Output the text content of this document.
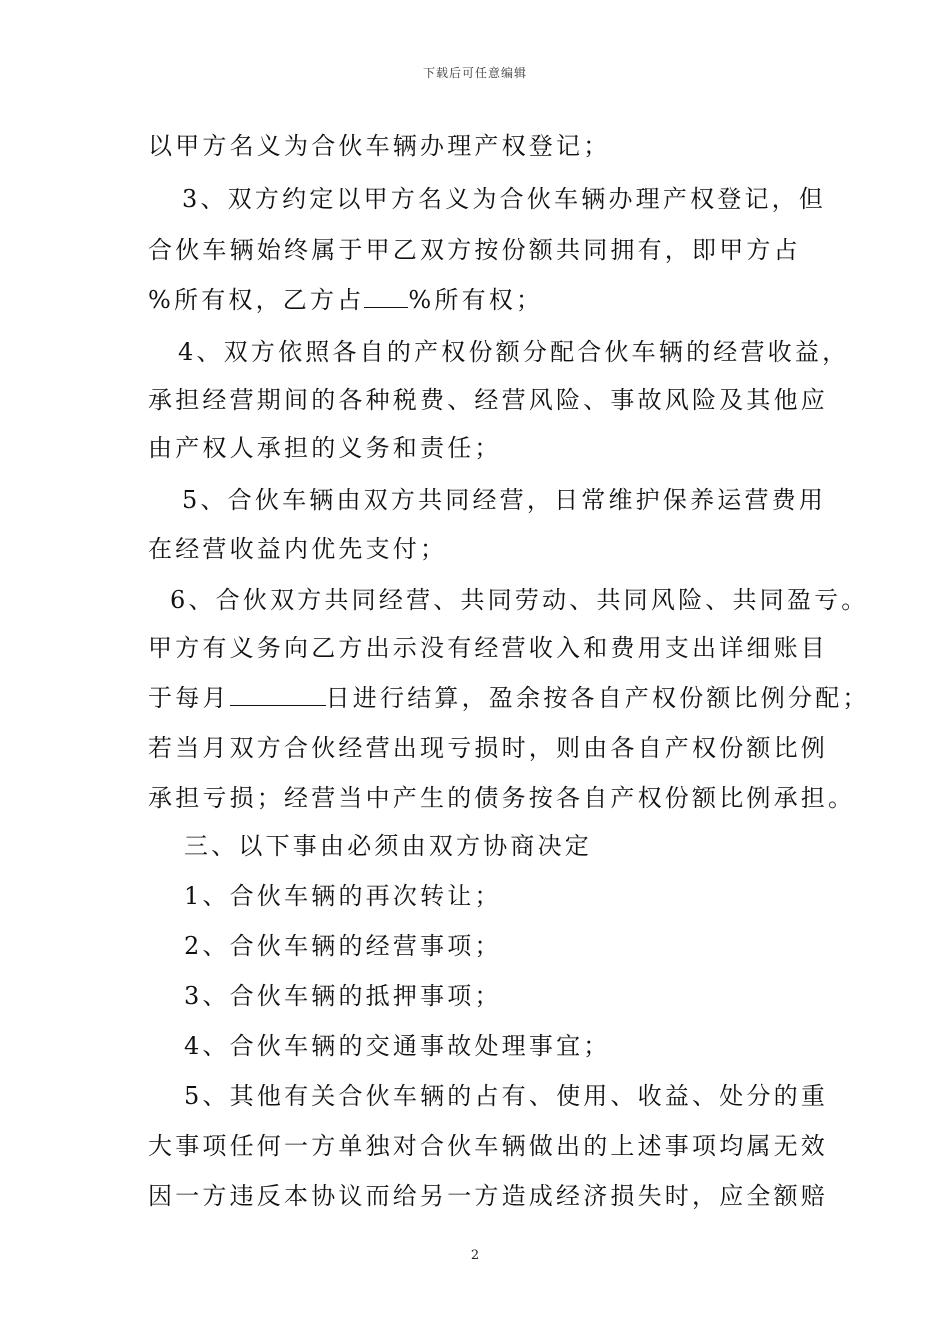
下载后可任意编辑
以甲方名义为合伙车辆办理产权登记；
3、双方约定以甲方名义为合伙车辆办理产权登记，但
合伙车辆始终属于甲乙双方按份额共同拥有，即甲方占
%所有权，乙方占 %所有权；
4、双方依照各自的产权份额分配合伙车辆的经营收益，
承担经营期间的各种税费、经营风险、事故风险及其他应
由产权人承担的义务和责任；
5、合伙车辆由双方共同经营，日常维护保养运营费用
在经营收益内优先支付；
6、合伙双方共同经营、共同劳动、共同风险、共同盈亏。
甲方有义务向乙方出示没有经营收入和费用支出详细账目
于每月	日进行结算，盈余按各自产权份额比例分配；
若当月双方合伙经营出现亏损时，则由各自产权份额比例
承担亏损；经营当中产生的债务按各自产权份额比例承担。
三、以下事由必须由双方协商决定
1、合伙车辆的再次转让；
2、合伙车辆的经营事项；
3、合伙车辆的抵押事项；
4、合伙车辆的交通事故处理事宜；
5、其他有关合伙车辆的占有、使用、收益、处分的重
大事项任何一方单独对合伙车辆做出的上述事项均属无效
因一方违反本协议而给另一方造成经济损失时，应全额赔
2
